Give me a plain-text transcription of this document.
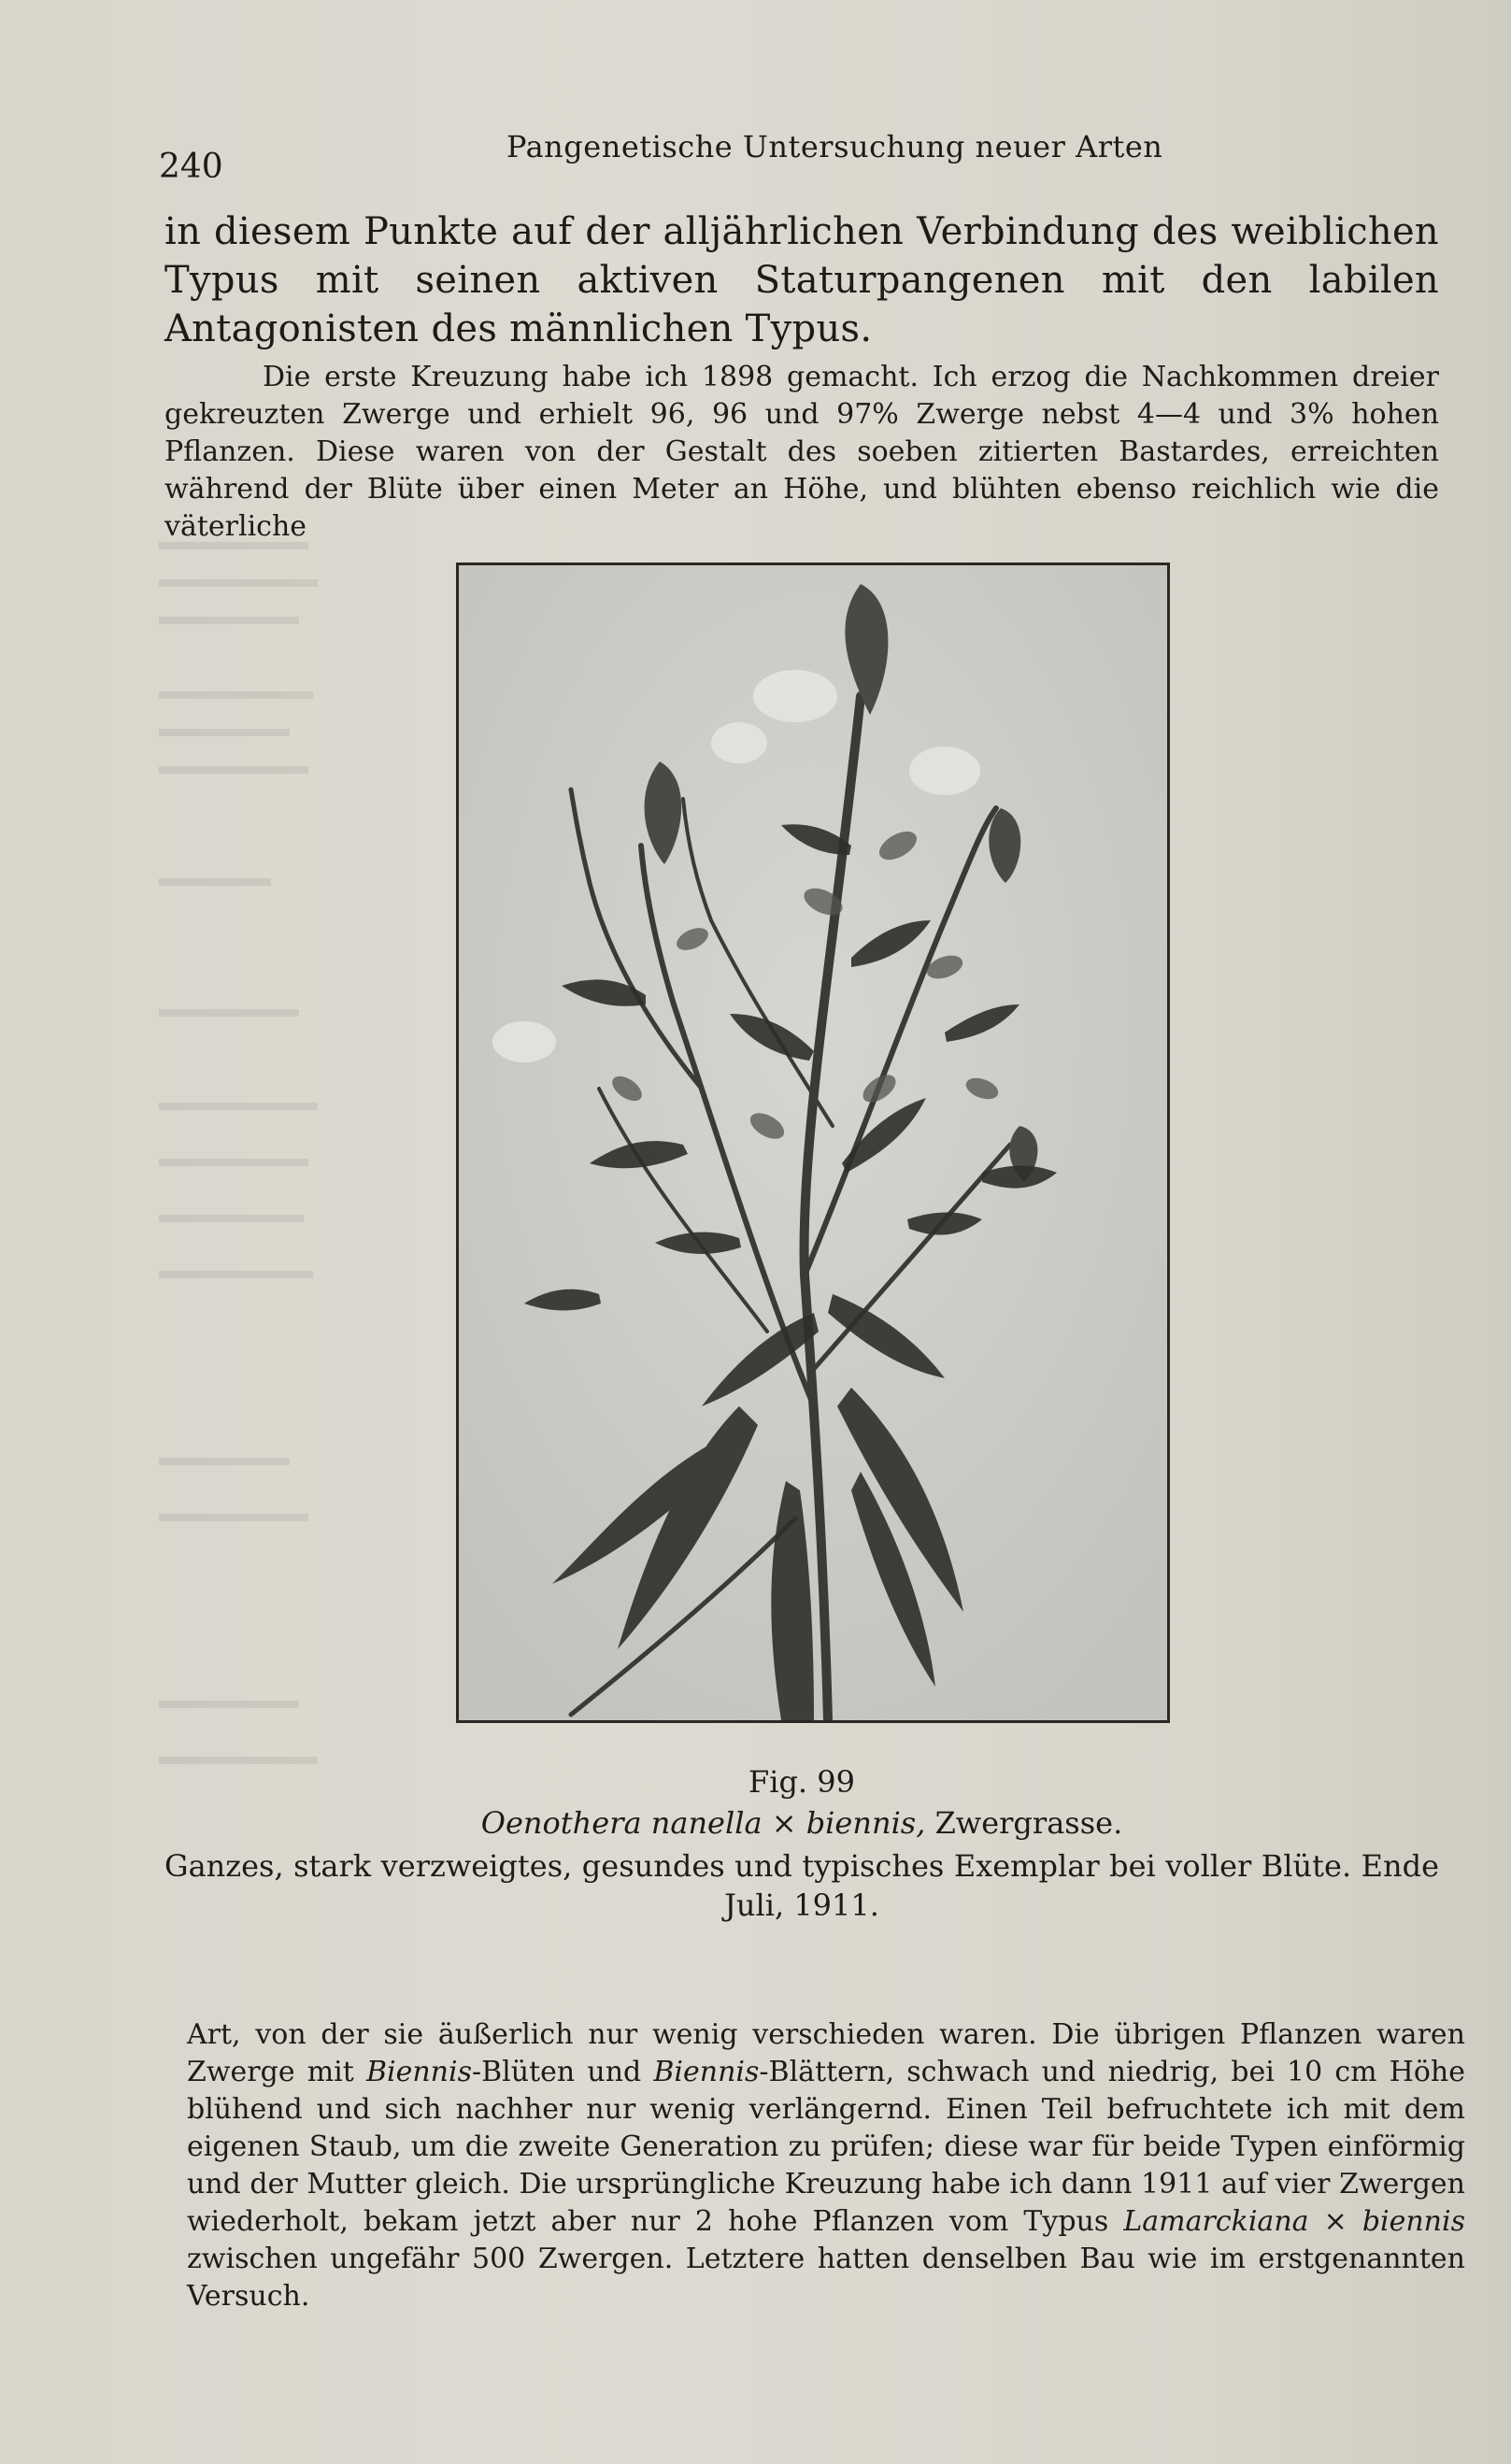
240
Pangenetische Untersuchung neuer Arten

in diesem Punkte auf der alljährlichen Verbindung des weiblichen Typus mit seinen aktiven Staturpangenen mit den labilen Antagonisten des männlichen Typus.

Die erste Kreuzung habe ich 1898 gemacht. Ich erzog die Nachkommen dreier gekreuzten Zwerge und erhielt 96, 96 und 97% Zwerge nebst 4—4 und 3% hohen Pflanzen. Diese waren von der Gestalt des soeben zitierten Bastardes, erreichten während der Blüte über einen Meter an Höhe, und blühten ebenso reichlich wie die väterliche

Fig. 99
Oenothera nanella × biennis, Zwergrasse.
Ganzes, stark verzweigtes, gesundes und typisches Exemplar bei voller Blüte. Ende Juli, 1911.

Art, von der sie äußerlich nur wenig verschieden waren. Die übrigen Pflanzen waren Zwerge mit Biennis-Blüten und Biennis-Blättern, schwach und niedrig, bei 10 cm Höhe blühend und sich nachher nur wenig verlängernd. Einen Teil befruchtete ich mit dem eigenen Staub, um die zweite Generation zu prüfen; diese war für beide Typen einförmig und der Mutter gleich. Die ursprüngliche Kreuzung habe ich dann 1911 auf vier Zwergen wiederholt, bekam jetzt aber nur 2 hohe Pflanzen vom Typus Lamarckiana × biennis zwischen ungefähr 500 Zwergen. Letztere hatten denselben Bau wie im erstgenannten Versuch.
